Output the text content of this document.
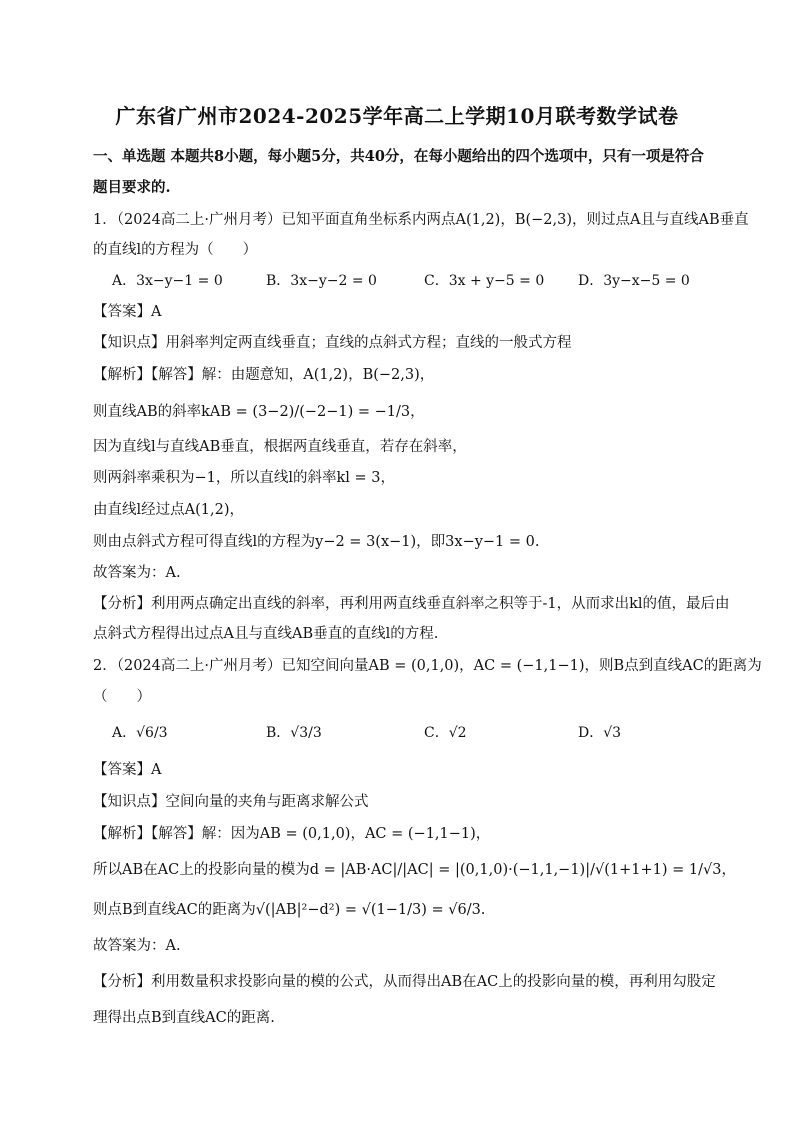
广东省广州市2024-2025学年高二上学期10月联考数学试卷
一、单选题 本题共8小题，每小题5分，共40分，在每小题给出的四个选项中，只有一项是符合
题目要求的.
1．（2024高二上·广州月考）已知平面直角坐标系内两点A(1,2)，B(−2,3)，则过点A且与直线AB垂直
的直线l的方程为（　　）
A．3x−y−1 = 0	B．3x−y−2 = 0	C．3x + y−5 = 0 D．3y−x−5 = 0
【答案】A
【知识点】用斜率判定两直线垂直；直线的点斜式方程；直线的一般式方程
【解析】【解答】解：由题意知，A(1,2)，B(−2,3)，
则直线AB的斜率kAB = (3−2)/(−2−1) = −1/3，
因为直线l与直线AB垂直，根据两直线垂直，若存在斜率，
则两斜率乘积为−1，所以直线l的斜率kl = 3，
由直线l经过点A(1,2)，
则由点斜式方程可得直线l的方程为y−2 = 3(x−1)，即3x−y−1 = 0.
故答案为：A.
【分析】利用两点确定出直线的斜率，再利用两直线垂直斜率之积等于-1，从而求出kl的值，最后由
点斜式方程得出过点A且与直线AB垂直的直线l的方程.
2．（2024高二上·广州月考）已知空间向量AB = (0,1,0)，AC = (−1,1−1)，则B点到直线AC的距离为
（　　）
A．√6/3	B．√3/3	C．√2	D．√3
【答案】A
【知识点】空间向量的夹角与距离求解公式
【解析】【解答】解：因为AB = (0,1,0)，AC = (−1,1−1)，
所以AB在AC上的投影向量的模为d = |AB·AC|/|AC| = |(0,1,0)·(−1,1,−1)|/√(1+1+1) = 1/√3，
则点B到直线AC的距离为√(|AB|²−d²) = √(1−1/3) = √6/3.
故答案为：A.
【分析】利用数量积求投影向量的模的公式，从而得出AB在AC上的投影向量的模，再利用勾股定
理得出点B到直线AC的距离.
